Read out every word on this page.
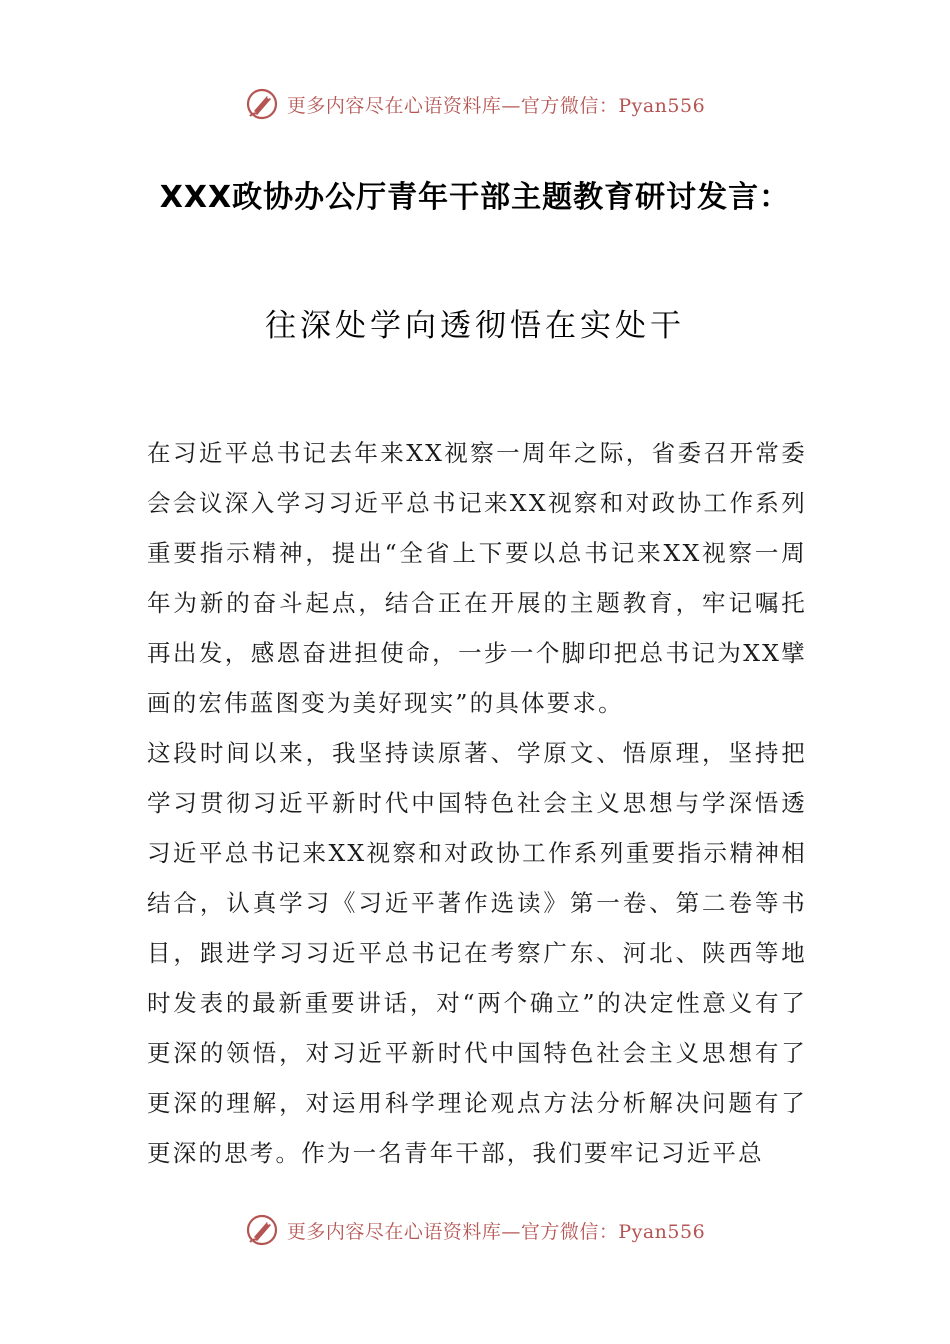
更多内容尽在心语资料库—官方微信：Pyan556
XXX政协办公厅青年干部主题教育研讨发言：
往深处学向透彻悟在实处干

在习近平总书记去年来XX视察一周年之际，省委召开常委会会议深入学习习近平总书记来XX视察和对政协工作系列重要指示精神，提出“全省上下要以总书记来XX视察一周年为新的奋斗起点，结合正在开展的主题教育，牢记嘱托再出发，感恩奋进担使命，一步一个脚印把总书记为XX擘画的宏伟蓝图变为美好现实”的具体要求。

这段时间以来，我坚持读原著、学原文、悟原理，坚持把学习贯彻习近平新时代中国特色社会主义思想与学深悟透习近平总书记来XX视察和对政协工作系列重要指示精神相结合，认真学习《习近平著作选读》第一卷、第二卷等书目，跟进学习习近平总书记在考察广东、河北、陕西等地时发表的最新重要讲话，对“两个确立”的决定性意义有了更深的领悟，对习近平新时代中国特色社会主义思想有了更深的理解，对运用科学理论观点方法分析解决问题有了更深的思考。作为一名青年干部，我们要牢记习近平总

更多内容尽在心语资料库—官方微信：Pyan556
